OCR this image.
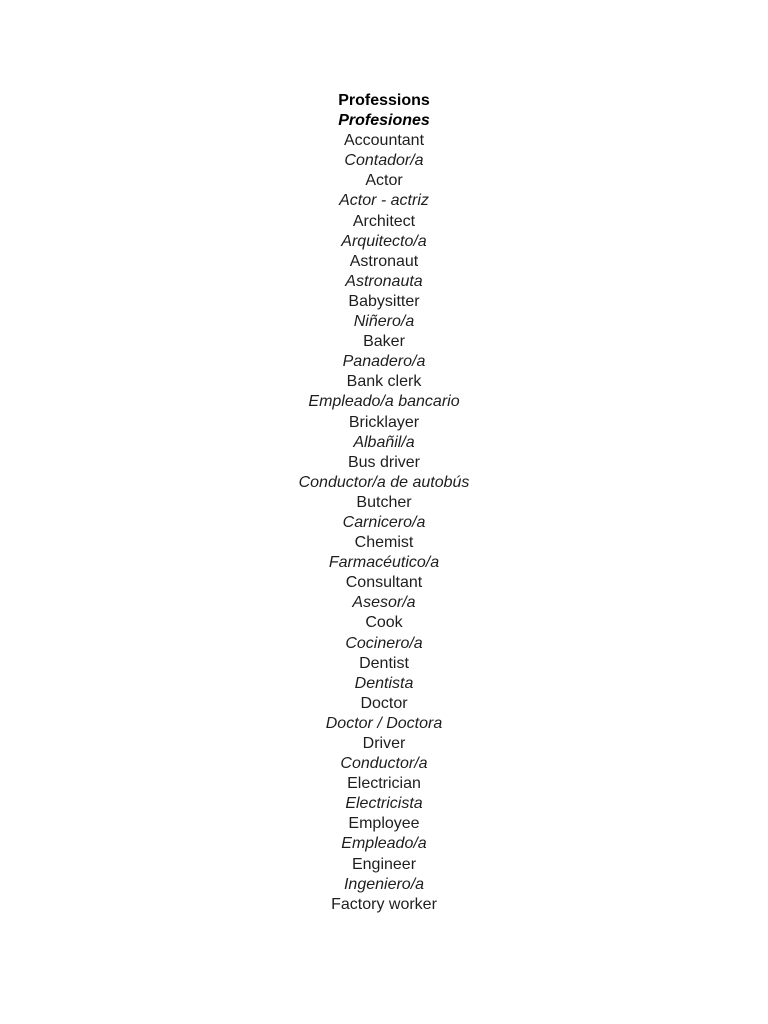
Professions
Profesiones
Accountant
Contador/a
Actor
Actor - actriz
Architect
Arquitecto/a
Astronaut
Astronauta
Babysitter
Niñero/a
Baker
Panadero/a
Bank clerk
Empleado/a bancario
Bricklayer
Albañil/a
Bus driver
Conductor/a de autobús
Butcher
Carnicero/a
Chemist
Farmacéutico/a
Consultant
Asesor/a
Cook
Cocinero/a
Dentist
Dentista
Doctor
Doctor / Doctora
Driver
Conductor/a
Electrician
Electricista
Employee
Empleado/a
Engineer
Ingeniero/a
Factory worker
